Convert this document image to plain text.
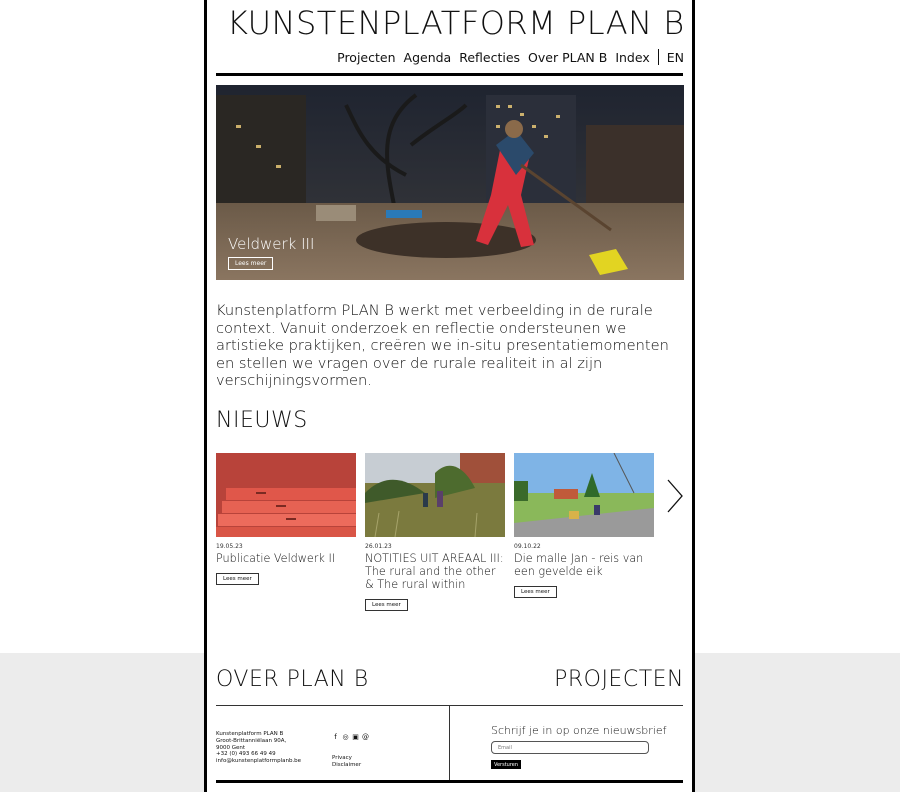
KUNSTENPLATFORM PLAN B
Projecten Agenda Reflecties Over PLAN B Index EN
Veldwerk III
Lees meer

Kunstenplatform PLAN B werkt met verbeelding in de rurale context. Vanuit onderzoek en reflectie ondersteunen we artistieke praktijken, creëren we in-situ presentatiemomenten en stellen we vragen over de rurale realiteit in al zijn verschijningsvormen.

NIEUWS
19.05.23
Publicatie Veldwerk II
Lees meer
26.01.23
NOTITIES UIT AREAAL III: The rural and the other & The rural within
Lees meer
09.10.22
Die malle Jan - reis van een gevelde eik
Lees meer
OVER PLAN B	PROJECTEN
Kunstenplatform PLAN B
Groot-Brittanniëlaan 90A,
9000 Gent
+32 (0) 493 66 49 49
info@kunstenplatformplanb.be
f ◎ ▣ @
Privacy
Disclaimer
Schrijf je in op onze nieuwsbrief
Email
Versturen
